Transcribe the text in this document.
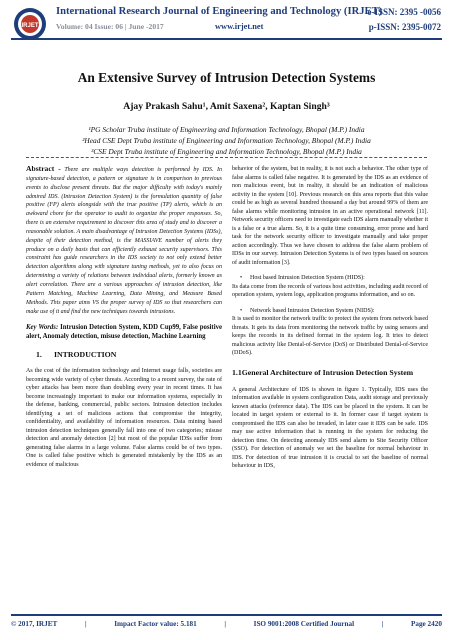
IRJET
International Research Journal of Engineering and Technology (IRJET)
e-ISSN: 2395 -0056
Volume: 04 Issue: 06 | June -2017	www.irjet.net	p-ISSN: 2395-0072
An Extensive Survey of Intrusion Detection Systems
Ajay Prakash Sahu¹, Amit Saxena², Kaptan Singh³
¹PG Scholar Truba institute of Engineering and Information Technology, Bhopal (M.P.) India
²Head CSE Dept Truba institute of Engineering and Information Technology, Bhopal (M.P.) India
³CSE Dept Truba institute of Engineering and Information Technology, Bhopal (M.P.) India

Abstract - There are multiple ways detection is performed by IDS. In signature-based detection, a pattern or signature is in comparison to previous events to disclose present threats. But the major difficulty with today's mainly admired IDS. (Intrusion Detection System) is the formulation quantity of false positive (FP) alerts alongside with the true positive (TP) alerts, which is an awkward chore for the operator to audit to organize the proper responses. So, there is an extensive requirement to discover this area of study and to discover a reasonable solution. A main disadvantage of Intrusion Detection Systems (IDSs), despite of their detection method, is the MASSIAVE number of alerts they produce on a daily basis that can efficiently exhaust security supervisors. This constraint has guide researchers in the IDS society to not only extend better detection algorithms along with signature tuning methods, yet to also focus on determining a variety of relations between individual alerts, formerly known as alert correlation. There are a various approaches of intrusion detection, like Pattern Matching, Machine Learning, Data Mining, and Measure Based Methods. This paper aims VS the proper survey of IDS so that researchers can make use of it and find the new techniques towards intrusions.

Key Words: Intrusion Detection System, KDD Cup99, False positive alert, Anomaly detection, misuse detection, Machine Learning

1. INTRODUCTION

As the cost of the information technology and Internet usage falls, societies are becoming wide variety of cyber threats. According to a recent survey, the rate of cyber attacks has been more than doubling every year in recent times. It has become increasingly important to make our information systems, especially in the defense, banking, commercial, public sectors. Intrusion detection includes identifying a set of malicious actions that compromise the integrity, confidentiality, and availability of information resources. Data mining based intrusion detection techniques generally fall into one of two categories; misuse detection and anomaly detection [2] but most of the popular IDSs suffer from generating false alarms in a large volume. False alarms could be of two types. One is called false positive which is generated mistakenly by the IDS as an evidence of malicious

behavior of the system, but in reality, it is not such a behavior. The other type of false alarms is called false negative. It is generated by the IDS as an evidence of non malicious event, but in reality, it should be an indication of malicious activity in the system [10]. Previous research on this area reports that this value could be as high as several hundred thousand a day but around 99% of them are false alarms while monitoring intrusion in an active operational network [11]. Network security officers need to investigate each IDS alarm manually whether it is a false or a true alarm. So, it is a quite time consuming, error prone and hard task for the network security officer to investigate manually and take proper action accordingly. Thus we have chosen to address the false alarm problem of IDSs in our survey. Intrusion Detection Systems is of two types based on sources of audit information [3].

• Host based Intrusion Detection System (HIDS):
Its data come from the records of various host activities, including audit record of operation system, system logs, application programs information, and so on.

• Network based Intrusion Detection System (NIDS):
It is used to monitor the network traffic to protect the system from network based threats. It gets its data from monitoring the network traffic by using sensors and keeps the records in its defined format in the system log. It tries to detect malicious activity like Denial-of-Service (DoS) or Distributed Denial-of-Service (DDoS).

1.1General Architecture of Intrusion Detection System

A general Architecture of IDS is shown in figure 1. Typically, IDS uses the information available in system configuration Data, audit storage and previously known attacks (reference data). The IDS can be placed in the system. It can be located in target system or external to it. In former case if target system is compromised the IDS can also be invaded, in later case it IDS can be safe. IDS may use active information that is running in the system for reducing the detection time. On detecting anomaly IDS send alarm to Site Security Officer (SSO). For detection of anomaly we set the baseline for normal behaviour in IDS. For detection of true intrusion it is crucial to set the baseline of normal behaviour in IDS,

© 2017, IRJET	|	Impact Factor value: 5.181	|	ISO 9001:2008 Certified Journal	|	Page 2420
